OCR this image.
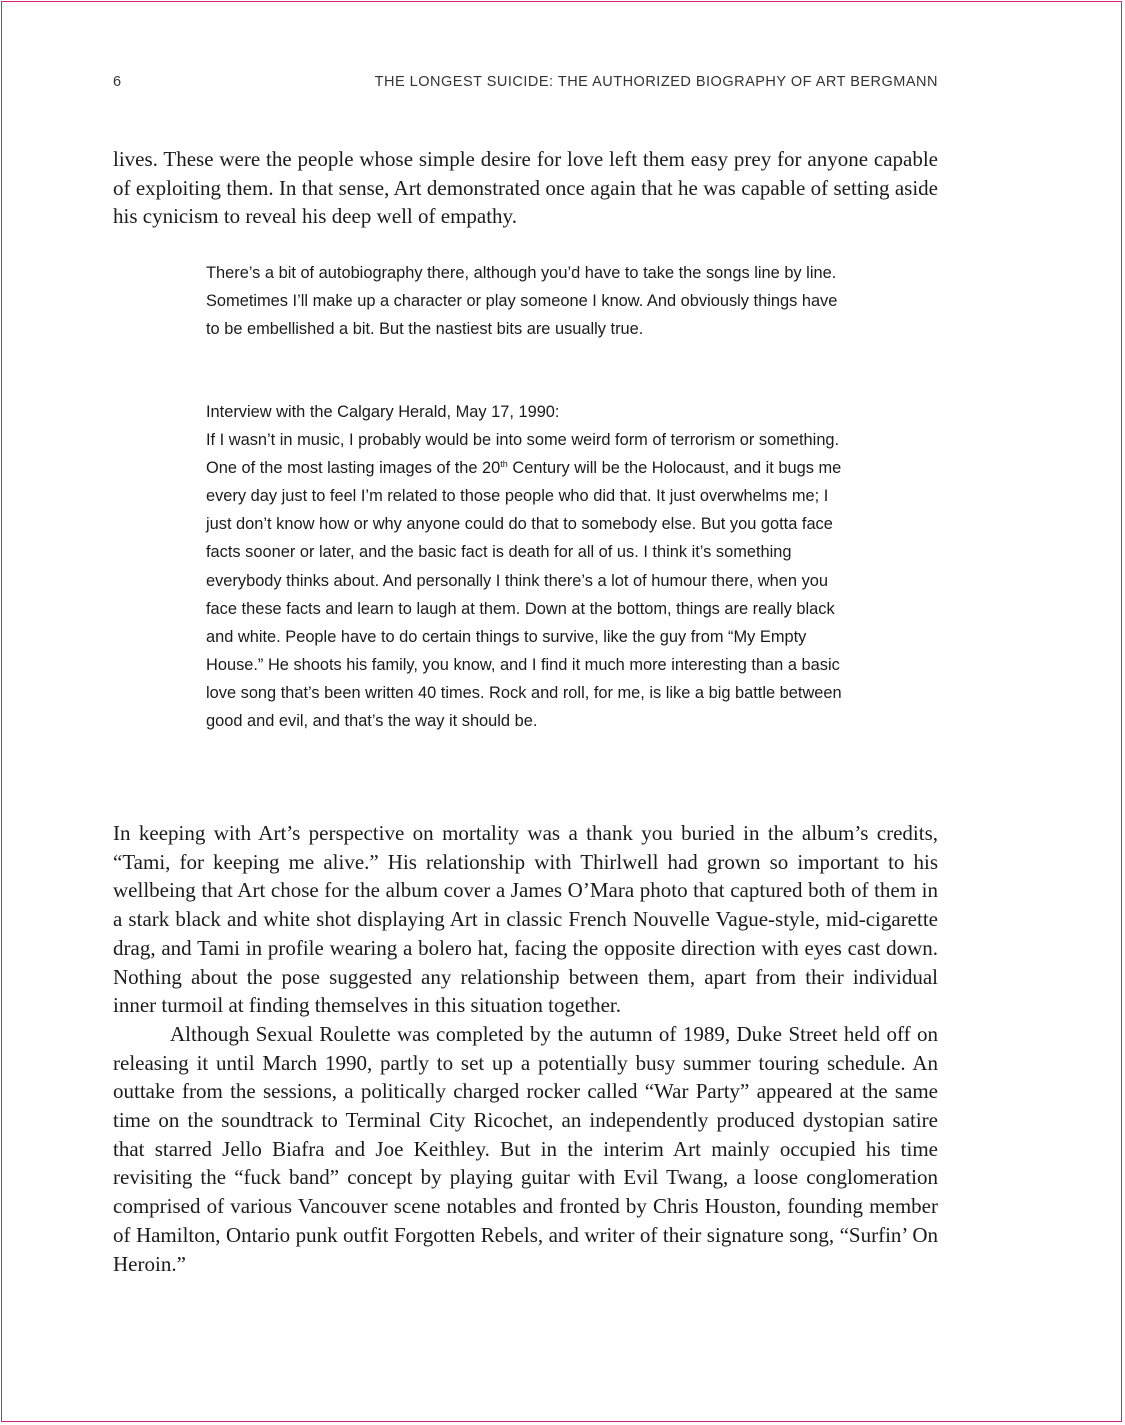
6	THE LONGEST SUICIDE: THE AUTHORIZED BIOGRAPHY OF ART BERGMANN

lives. These were the people whose simple desire for love left them easy prey for anyone capable of exploiting them. In that sense, Art demonstrated once again that he was capable of setting aside his cynicism to reveal his deep well of empathy.

There’s a bit of autobiography there, although you’d have to take the songs line by line. Sometimes I’ll make up a character or play someone I know. And obviously things have to be embellished a bit. But the nastiest bits are usually true.

Interview with the Calgary Herald, May 17, 1990:

If I wasn’t in music, I probably would be into some weird form of terrorism or something. One of the most lasting images of the 20th Century will be the Holocaust, and it bugs me every day just to feel I’m related to those people who did that. It just overwhelms me; I just don’t know how or why anyone could do that to somebody else. But you gotta face facts sooner or later, and the basic fact is death for all of us. I think it’s something everybody thinks about. And personally I think there’s a lot of humour there, when you face these facts and learn to laugh at them. Down at the bottom, things are really black and white. People have to do certain things to survive, like the guy from “My Empty House.” He shoots his family, you know, and I find it much more interesting than a basic love song that’s been written 40 times. Rock and roll, for me, is like a big battle between good and evil, and that’s the way it should be.

In keeping with Art’s perspective on mortality was a thank you buried in the album’s credits, “Tami, for keeping me alive.” His relationship with Thirlwell had grown so important to his wellbeing that Art chose for the album cover a James O’Mara photo that captured both of them in a stark black and white shot displaying Art in classic French Nouvelle Vague-style, mid-cigarette drag, and Tami in profile wearing a bolero hat, facing the opposite direction with eyes cast down. Nothing about the pose suggested any relationship between them, apart from their individual inner turmoil at finding themselves in this situation together.

Although Sexual Roulette was completed by the autumn of 1989, Duke Street held off on releasing it until March 1990, partly to set up a potentially busy summer touring schedule. An outtake from the sessions, a politically charged rocker called “War Party” appeared at the same time on the soundtrack to Terminal City Ricochet, an independently produced dystopian satire that starred Jello Biafra and Joe Keithley. But in the interim Art mainly occupied his time revisiting the “fuck band” concept by playing guitar with Evil Twang, a loose conglomeration comprised of various Vancouver scene notables and fronted by Chris Houston, founding member of Hamilton, Ontario punk outfit Forgotten Rebels, and writer of their signature song, “Surfin’ On Heroin.”
